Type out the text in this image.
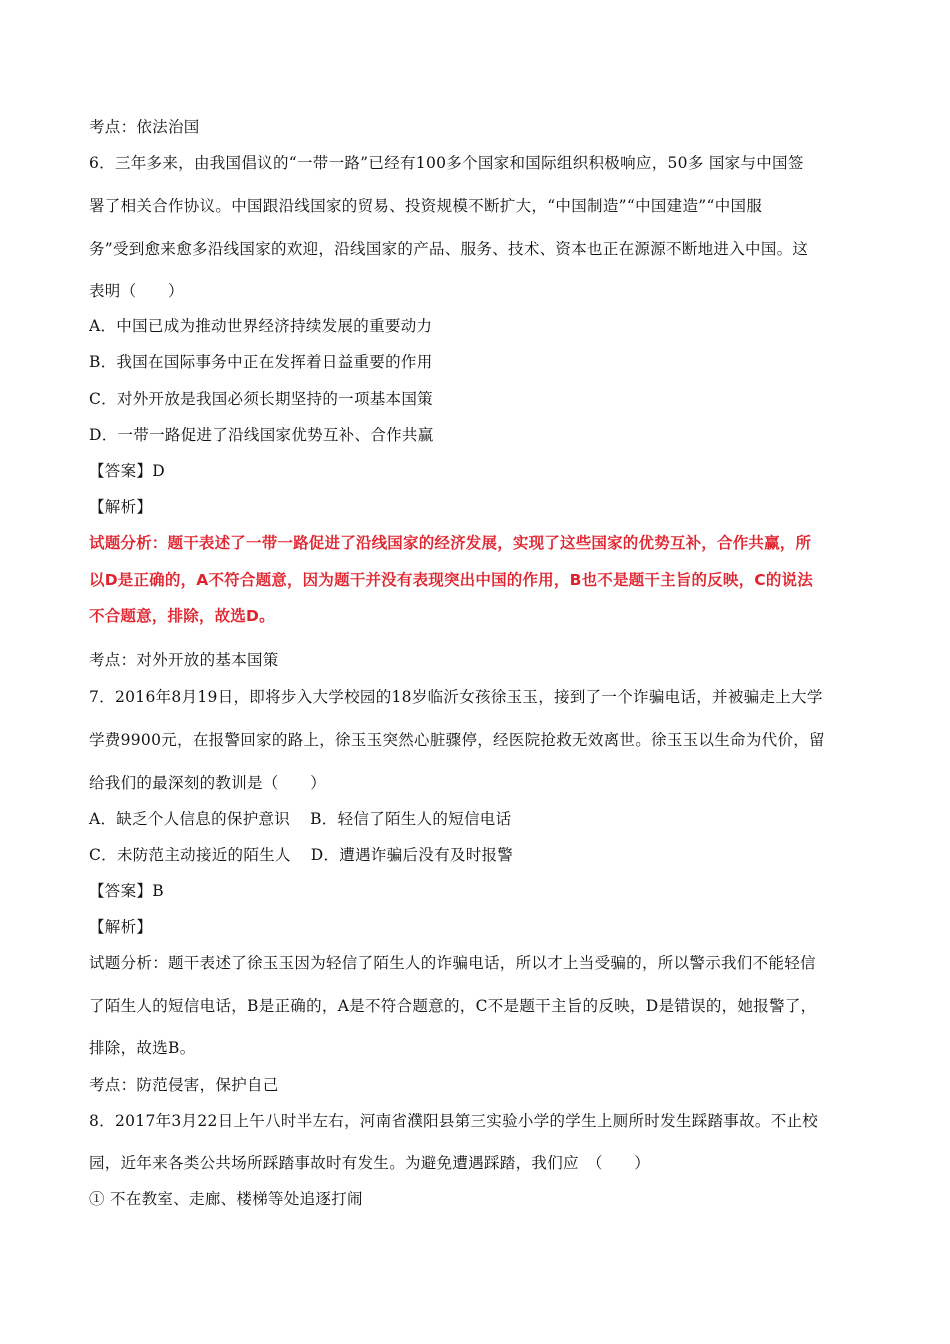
考点：依法治国
6．三年多来，由我国倡议的“一带一路”已经有100多个国家和国际组织积极响应，50多 国家与中国签
署了相关合作协议。中国跟沿线国家的贸易、投资规模不断扩大，“中国制造”“中国建造”“中国服
务”受到愈来愈多沿线国家的欢迎，沿线国家的产品、服务、技术、资本也正在源源不断地进入中国。这
表明（　　）
A．中国已成为推动世界经济持续发展的重要动力
B．我国在国际事务中正在发挥着日益重要的作用
C．对外开放是我国必须长期坚持的一项基本国策
D．一带一路促进了沿线国家优势互补、合作共赢
【答案】D
【解析】
试题分析：题干表述了一带一路促进了沿线国家的经济发展，实现了这些国家的优势互补，合作共赢，所
以D是正确的，A不符合题意，因为题干并没有表现突出中国的作用，B也不是题干主旨的反映，C的说法
不合题意，排除，故选D。
考点：对外开放的基本国策
7．2016年8月19日，即将步入大学校园的18岁临沂女孩徐玉玉，接到了一个诈骗电话，并被骗走上大学
学费9900元，在报警回家的路上，徐玉玉突然心脏骤停，经医院抢救无效离世。徐玉玉以生命为代价，留
给我们的最深刻的教训是（　　）
A．缺乏个人信息的保护意识 B．轻信了陌生人的短信电话
C．未防范主动接近的陌生人 D．遭遇诈骗后没有及时报警
【答案】B
【解析】
试题分析：题干表述了徐玉玉因为轻信了陌生人的诈骗电话，所以才上当受骗的，所以警示我们不能轻信
了陌生人的短信电话，B是正确的，A是不符合题意的，C不是题干主旨的反映，D是错误的，她报警了，
排除，故选B。
考点：防范侵害，保护自己
8．2017年3月22日上午八时半左右，河南省濮阳县第三实验小学的学生上厕所时发生踩踏事故。不止校
园，近年来各类公共场所踩踏事故时有发生。为避免遭遇踩踏，我们应　（　　）
① 不在教室、走廊、楼梯等处追逐打闹
